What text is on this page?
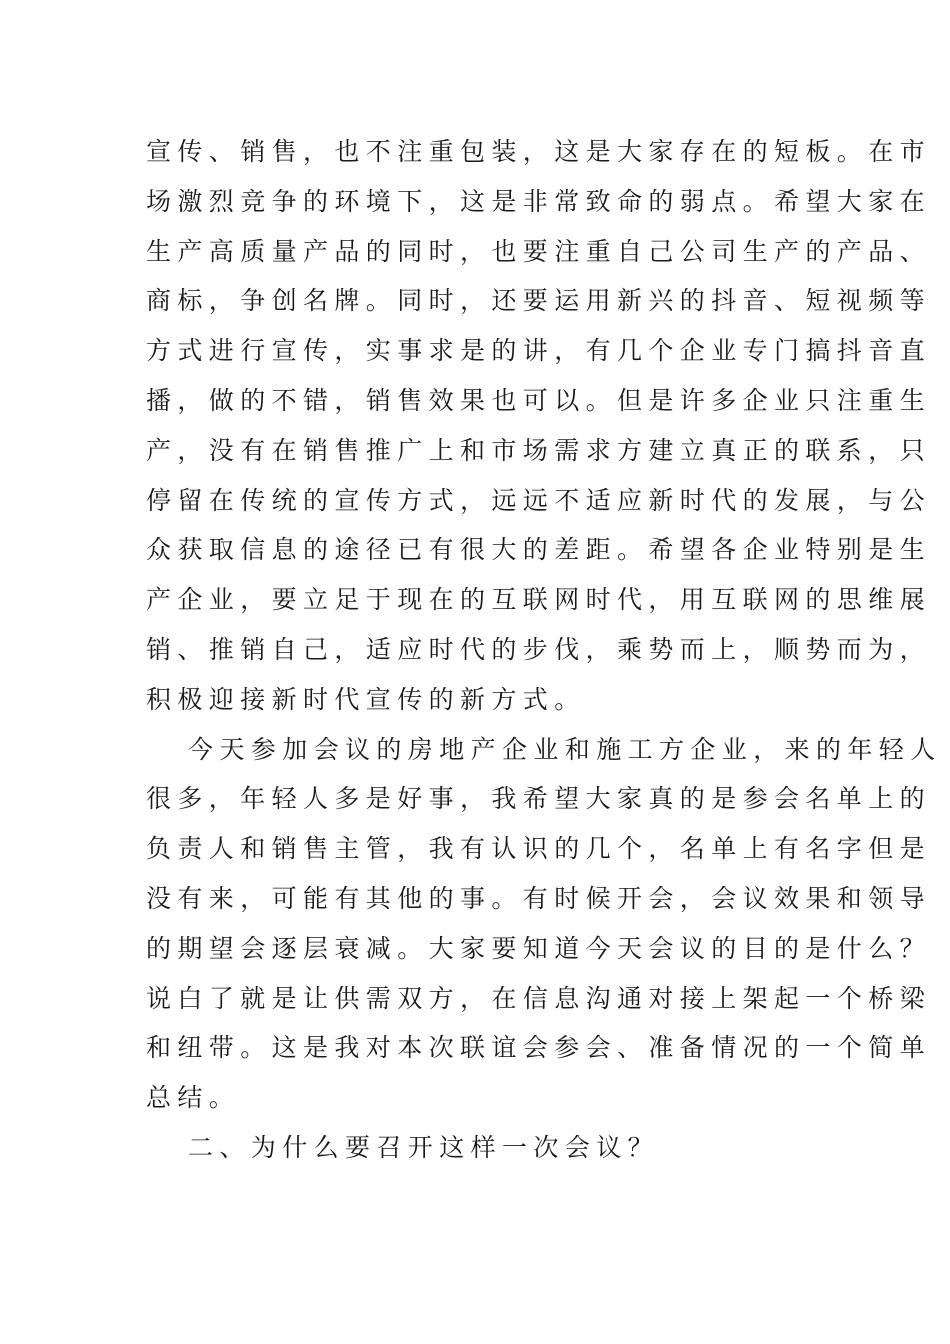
宣传、销售，也不注重包装，这是大家存在的短板。在市
场激烈竞争的环境下，这是非常致命的弱点。希望大家在
生产高质量产品的同时，也要注重自己公司生产的产品、
商标，争创名牌。同时，还要运用新兴的抖音、短视频等
方式进行宣传，实事求是的讲，有几个企业专门搞抖音直
播，做的不错，销售效果也可以。但是许多企业只注重生
产，没有在销售推广上和市场需求方建立真正的联系，只
停留在传统的宣传方式，远远不适应新时代的发展，与公
众获取信息的途径已有很大的差距。希望各企业特别是生
产企业，要立足于现在的互联网时代，用互联网的思维展
销、推销自己，适应时代的步伐，乘势而上，顺势而为，
积极迎接新时代宣传的新方式。
今天参加会议的房地产企业和施工方企业，来的年轻人
很多，年轻人多是好事，我希望大家真的是参会名单上的
负责人和销售主管，我有认识的几个，名单上有名字但是
没有来，可能有其他的事。有时候开会，会议效果和领导
的期望会逐层衰减。大家要知道今天会议的目的是什么？
说白了就是让供需双方，在信息沟通对接上架起一个桥梁
和纽带。这是我对本次联谊会参会、准备情况的一个简单
总结。
二、为什么要召开这样一次会议？
